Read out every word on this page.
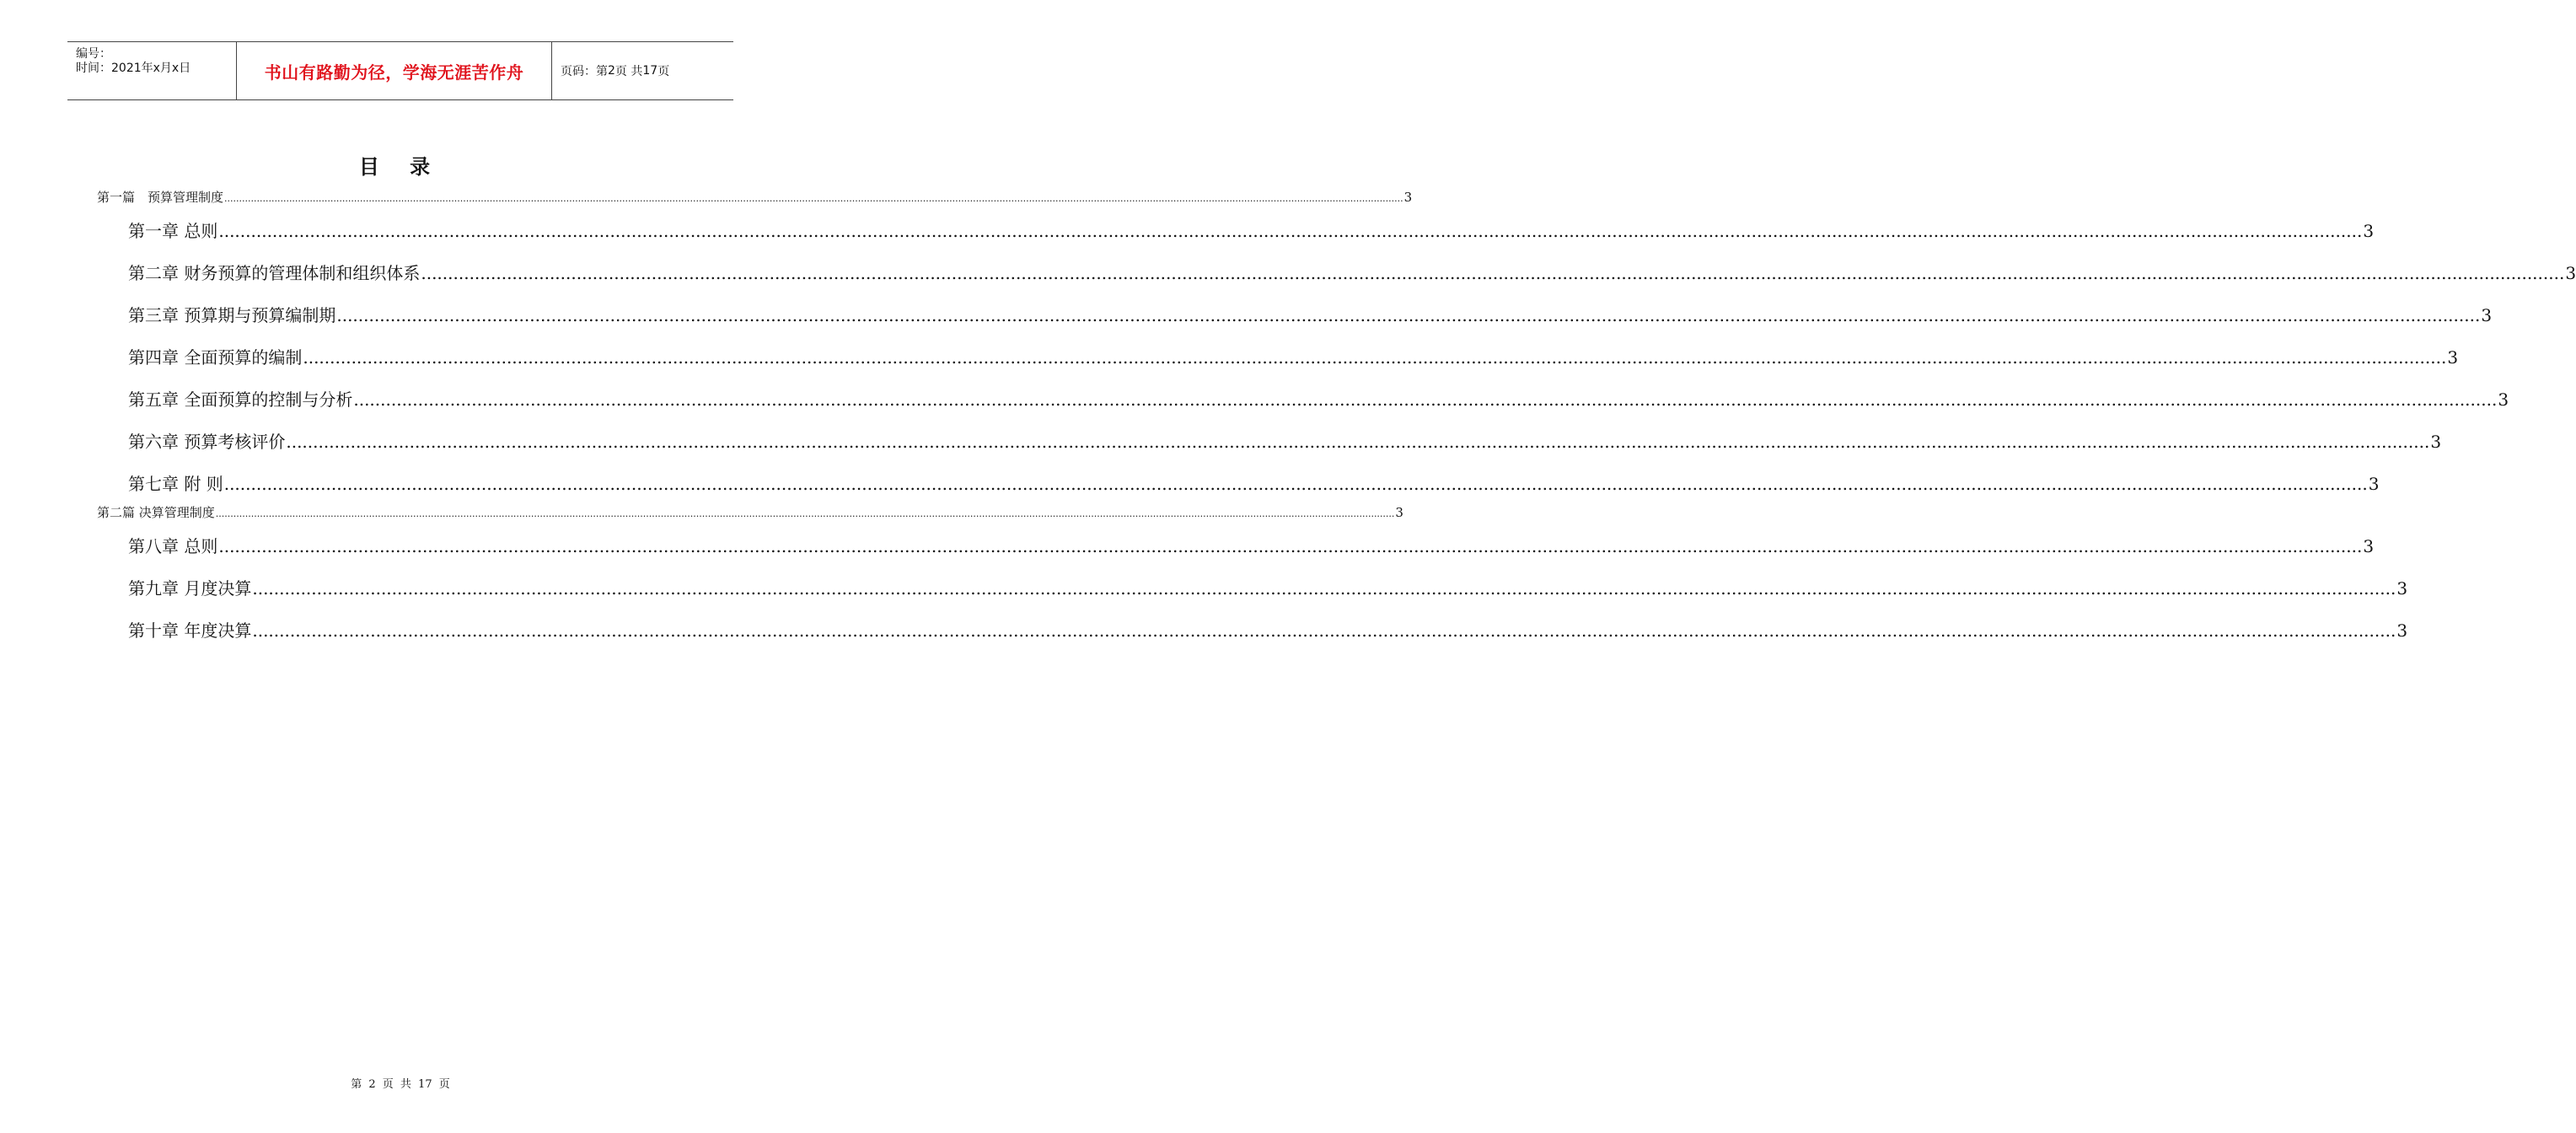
编号：
时间：2021年x月x日	书山有路勤为径，学海无涯苦作舟	页码：第 2 页 共 17 页
目 录
第一篇　预算管理制度 ................................................................................................................................................................................................................................................................................................................................................................................................................ 3
第一章 总则 ................................................................................................................................................................................................................................................................................................................................................................................................................ 3
第二章 财务预算的管理体制和组织体系 ................................................................................................................................................................................................................................................................................................................................................................................................................ 3
第三章 预算期与预算编制期 ................................................................................................................................................................................................................................................................................................................................................................................................................ 3
第四章 全面预算的编制 ................................................................................................................................................................................................................................................................................................................................................................................................................ 3
第五章 全面预算的控制与分析 ................................................................................................................................................................................................................................................................................................................................................................................................................ 3
第六章 预算考核评价 ................................................................................................................................................................................................................................................................................................................................................................................................................ 3
第七章 附 则 ................................................................................................................................................................................................................................................................................................................................................................................................................ 3
第二篇 决算管理制度 ................................................................................................................................................................................................................................................................................................................................................................................................................ 3
第八章 总则 ................................................................................................................................................................................................................................................................................................................................................................................................................ 3
第九章 月度决算 ................................................................................................................................................................................................................................................................................................................................................................................................................ 3
第十章 年度决算 ................................................................................................................................................................................................................................................................................................................................................................................................................ 3
第 2 页 共 17 页
